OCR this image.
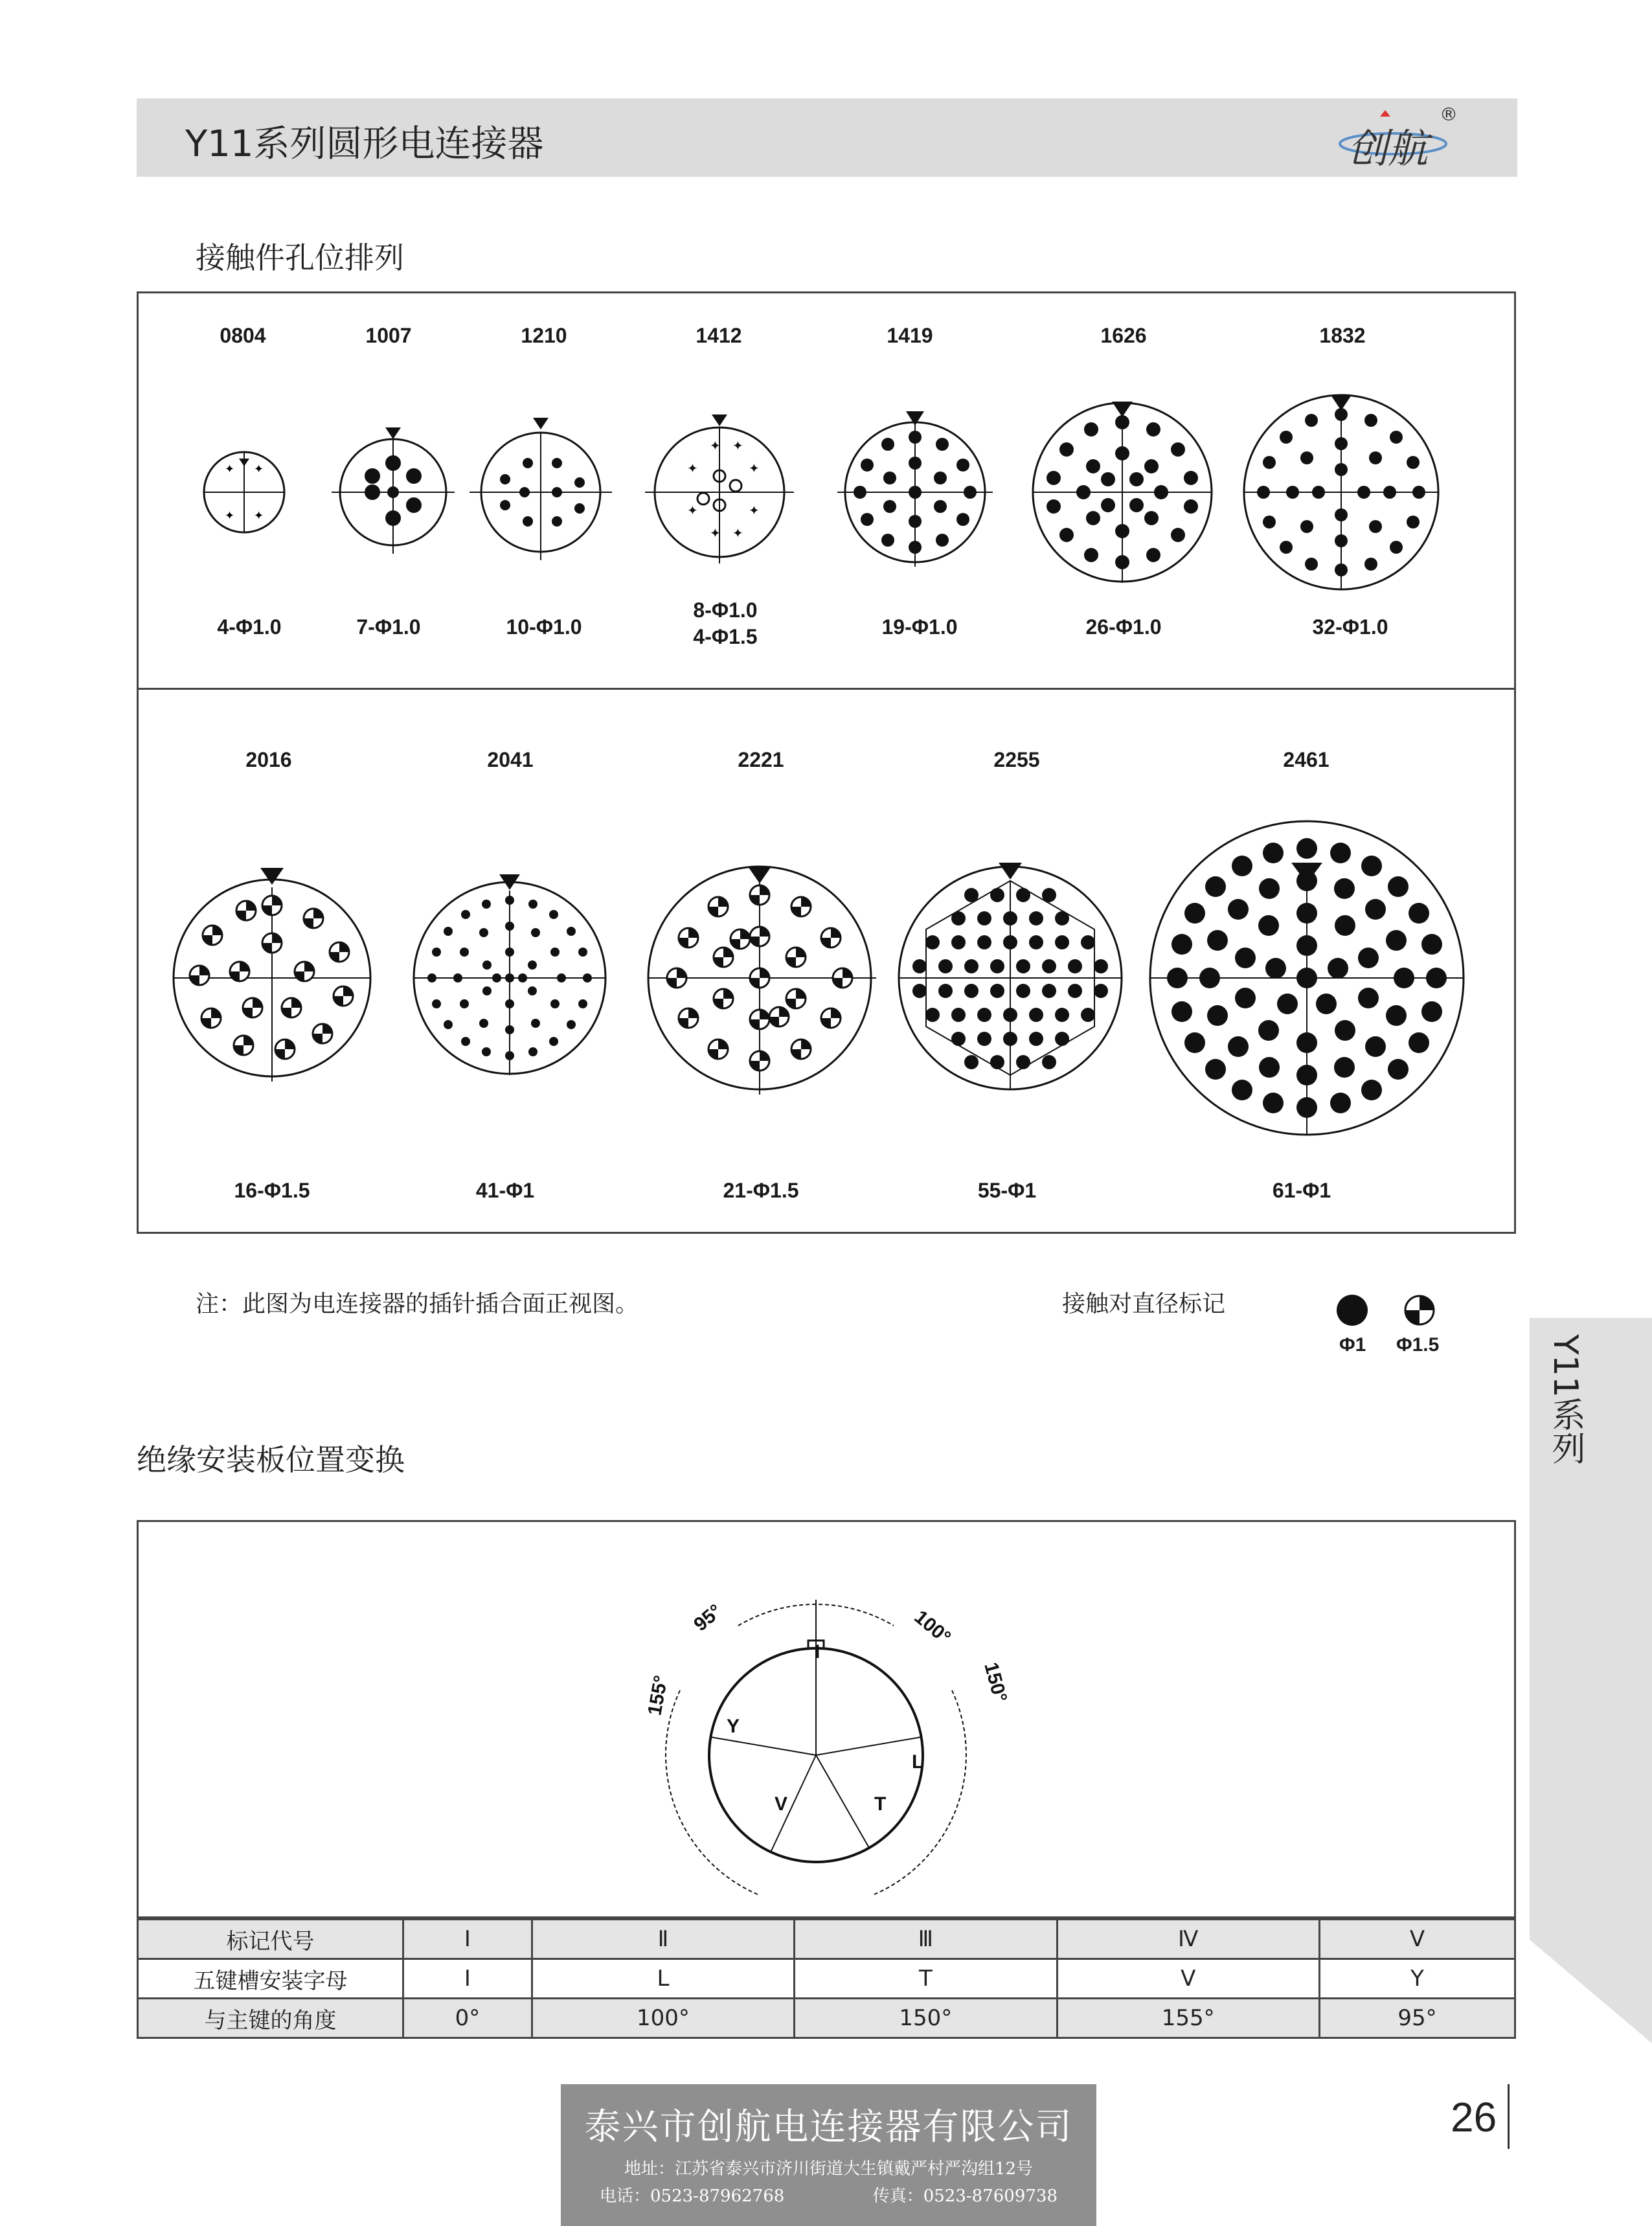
Y11系列圆形电连接器	创航
®
接触件孔位排列
0804	1007	1210	1412	1419	1626	1832
✦ ✦
✦ ✦
✦
✦ ✦
✦
✦
✦
✦ ✦
4-Φ1.0	7-Φ1.0	10-Φ1.0
8-Φ1.0
4-Φ1.5	19-Φ1.0	26-Φ1.0	32-Φ1.0
2016	2041	2221	2255	2461
16-Φ1.5	41-Φ1	21-Φ1.5	55-Φ1	61-Φ1
注：此图为电连接器的插针插合面正视图。	接触对直径标记
Φ1 Φ1.5	Y11系列
绝缘安装板位置变换
95°	100°
155°	150°
I
Y
L
V	T
标记代号	Ⅰ	Ⅱ	Ⅲ	Ⅳ	Ⅴ
五键槽安装字母	I	L	T	V	Y
与主键的角度	0°	100°	150°	155°	95°
泰兴市创航电连接器有限公司
地址：江苏省泰兴市济川街道大生镇戴严村严沟组12号
电话：0523-87962768	传真：0523-87609738
26
